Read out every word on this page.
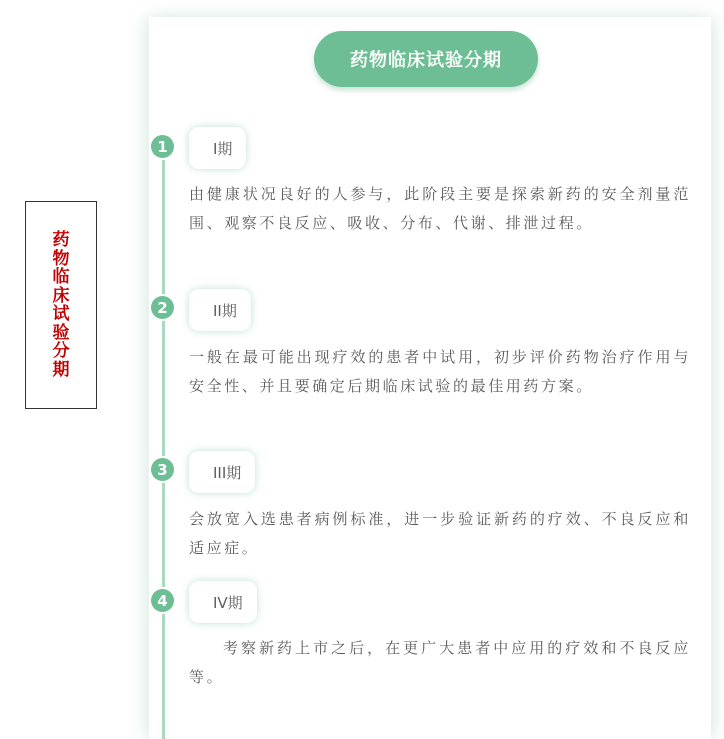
药物临床试验分期
药物临床试验分期
1	I期

由健康状况良好的人参与，此阶段主要是探索新药的安全剂量范围、观察不良反应、吸收、分布、代谢、排泄过程。

2	II期

一般在最可能出现疗效的患者中试用，初步评价药物治疗作用与安全性、并且要确定后期临床试验的最佳用药方案。

3	III期

会放宽入选患者病例标准，进一步验证新药的疗效、不良反应和适应症。

4	IV期

考察新药上市之后，在更广大患者中应用的疗效和不良反应等。
